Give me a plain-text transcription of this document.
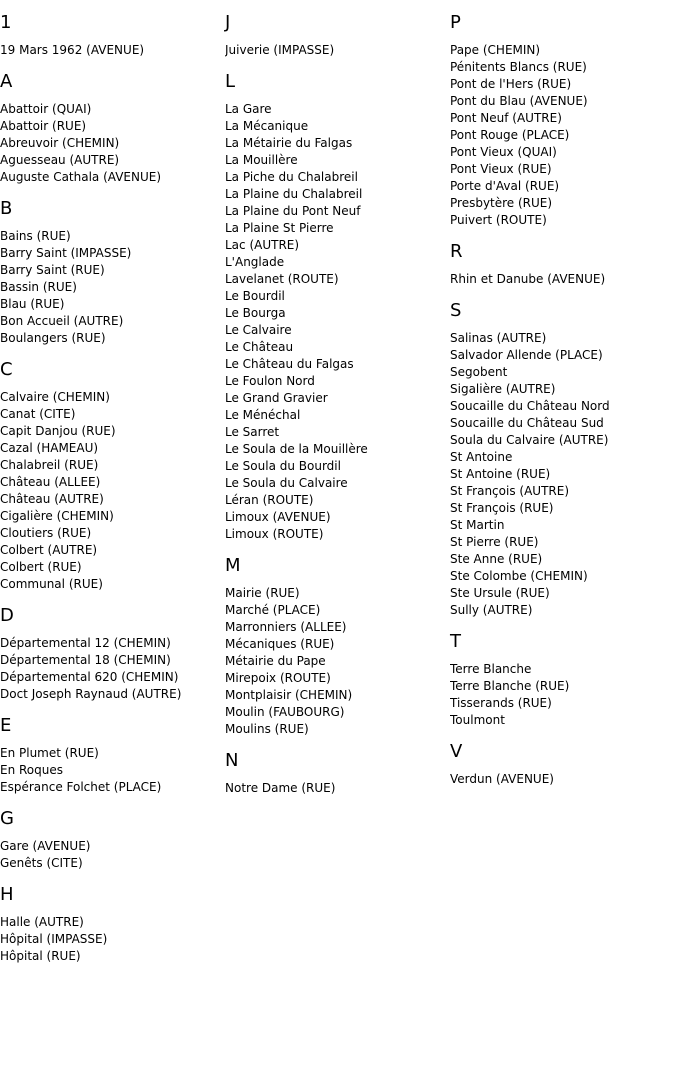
1
19 Mars 1962 (AVENUE)
A
Abattoir (QUAI)
Abattoir (RUE)
Abreuvoir (CHEMIN)
Aguesseau (AUTRE)
Auguste Cathala (AVENUE)
B
Bains (RUE)
Barry Saint (IMPASSE)
Barry Saint (RUE)
Bassin (RUE)
Blau (RUE)
Bon Accueil (AUTRE)
Boulangers (RUE)
C
Calvaire (CHEMIN)
Canat (CITE)
Capit Danjou (RUE)
Cazal (HAMEAU)
Chalabreil (RUE)
Château (ALLEE)
Château (AUTRE)
Cigalière (CHEMIN)
Cloutiers (RUE)
Colbert (AUTRE)
Colbert (RUE)
Communal (RUE)
D
Départemental 12 (CHEMIN)
Départemental 18 (CHEMIN)
Départemental 620 (CHEMIN)
Doct Joseph Raynaud (AUTRE)
E
En Plumet (RUE)
En Roques
Espérance Folchet (PLACE)
G
Gare (AVENUE)
Genêts (CITE)
H
Halle (AUTRE)
Hôpital (IMPASSE)
Hôpital (RUE)
J
Juiverie (IMPASSE)
L
La Gare
La Mécanique
La Métairie du Falgas
La Mouillère
La Piche du Chalabreil
La Plaine du Chalabreil
La Plaine du Pont Neuf
La Plaine St Pierre
Lac (AUTRE)
L'Anglade
Lavelanet (ROUTE)
Le Bourdil
Le Bourga
Le Calvaire
Le Château
Le Château du Falgas
Le Foulon Nord
Le Grand Gravier
Le Ménéchal
Le Sarret
Le Soula de la Mouillère
Le Soula du Bourdil
Le Soula du Calvaire
Léran (ROUTE)
Limoux (AVENUE)
Limoux (ROUTE)
M
Mairie (RUE)
Marché (PLACE)
Marronniers (ALLEE)
Mécaniques (RUE)
Métairie du Pape
Mirepoix (ROUTE)
Montplaisir (CHEMIN)
Moulin (FAUBOURG)
Moulins (RUE)
N
Notre Dame (RUE)
P
Pape (CHEMIN)
Pénitents Blancs (RUE)
Pont de l'Hers (RUE)
Pont du Blau (AVENUE)
Pont Neuf (AUTRE)
Pont Rouge (PLACE)
Pont Vieux (QUAI)
Pont Vieux (RUE)
Porte d'Aval (RUE)
Presbytère (RUE)
Puivert (ROUTE)
R
Rhin et Danube (AVENUE)
S
Salinas (AUTRE)
Salvador Allende (PLACE)
Segobent
Sigalière (AUTRE)
Soucaille du Château Nord
Soucaille du Château Sud
Soula du Calvaire (AUTRE)
St Antoine
St Antoine (RUE)
St François (AUTRE)
St François (RUE)
St Martin
St Pierre (RUE)
Ste Anne (RUE)
Ste Colombe (CHEMIN)
Ste Ursule (RUE)
Sully (AUTRE)
T
Terre Blanche
Terre Blanche (RUE)
Tisserands (RUE)
Toulmont
V
Verdun (AVENUE)
